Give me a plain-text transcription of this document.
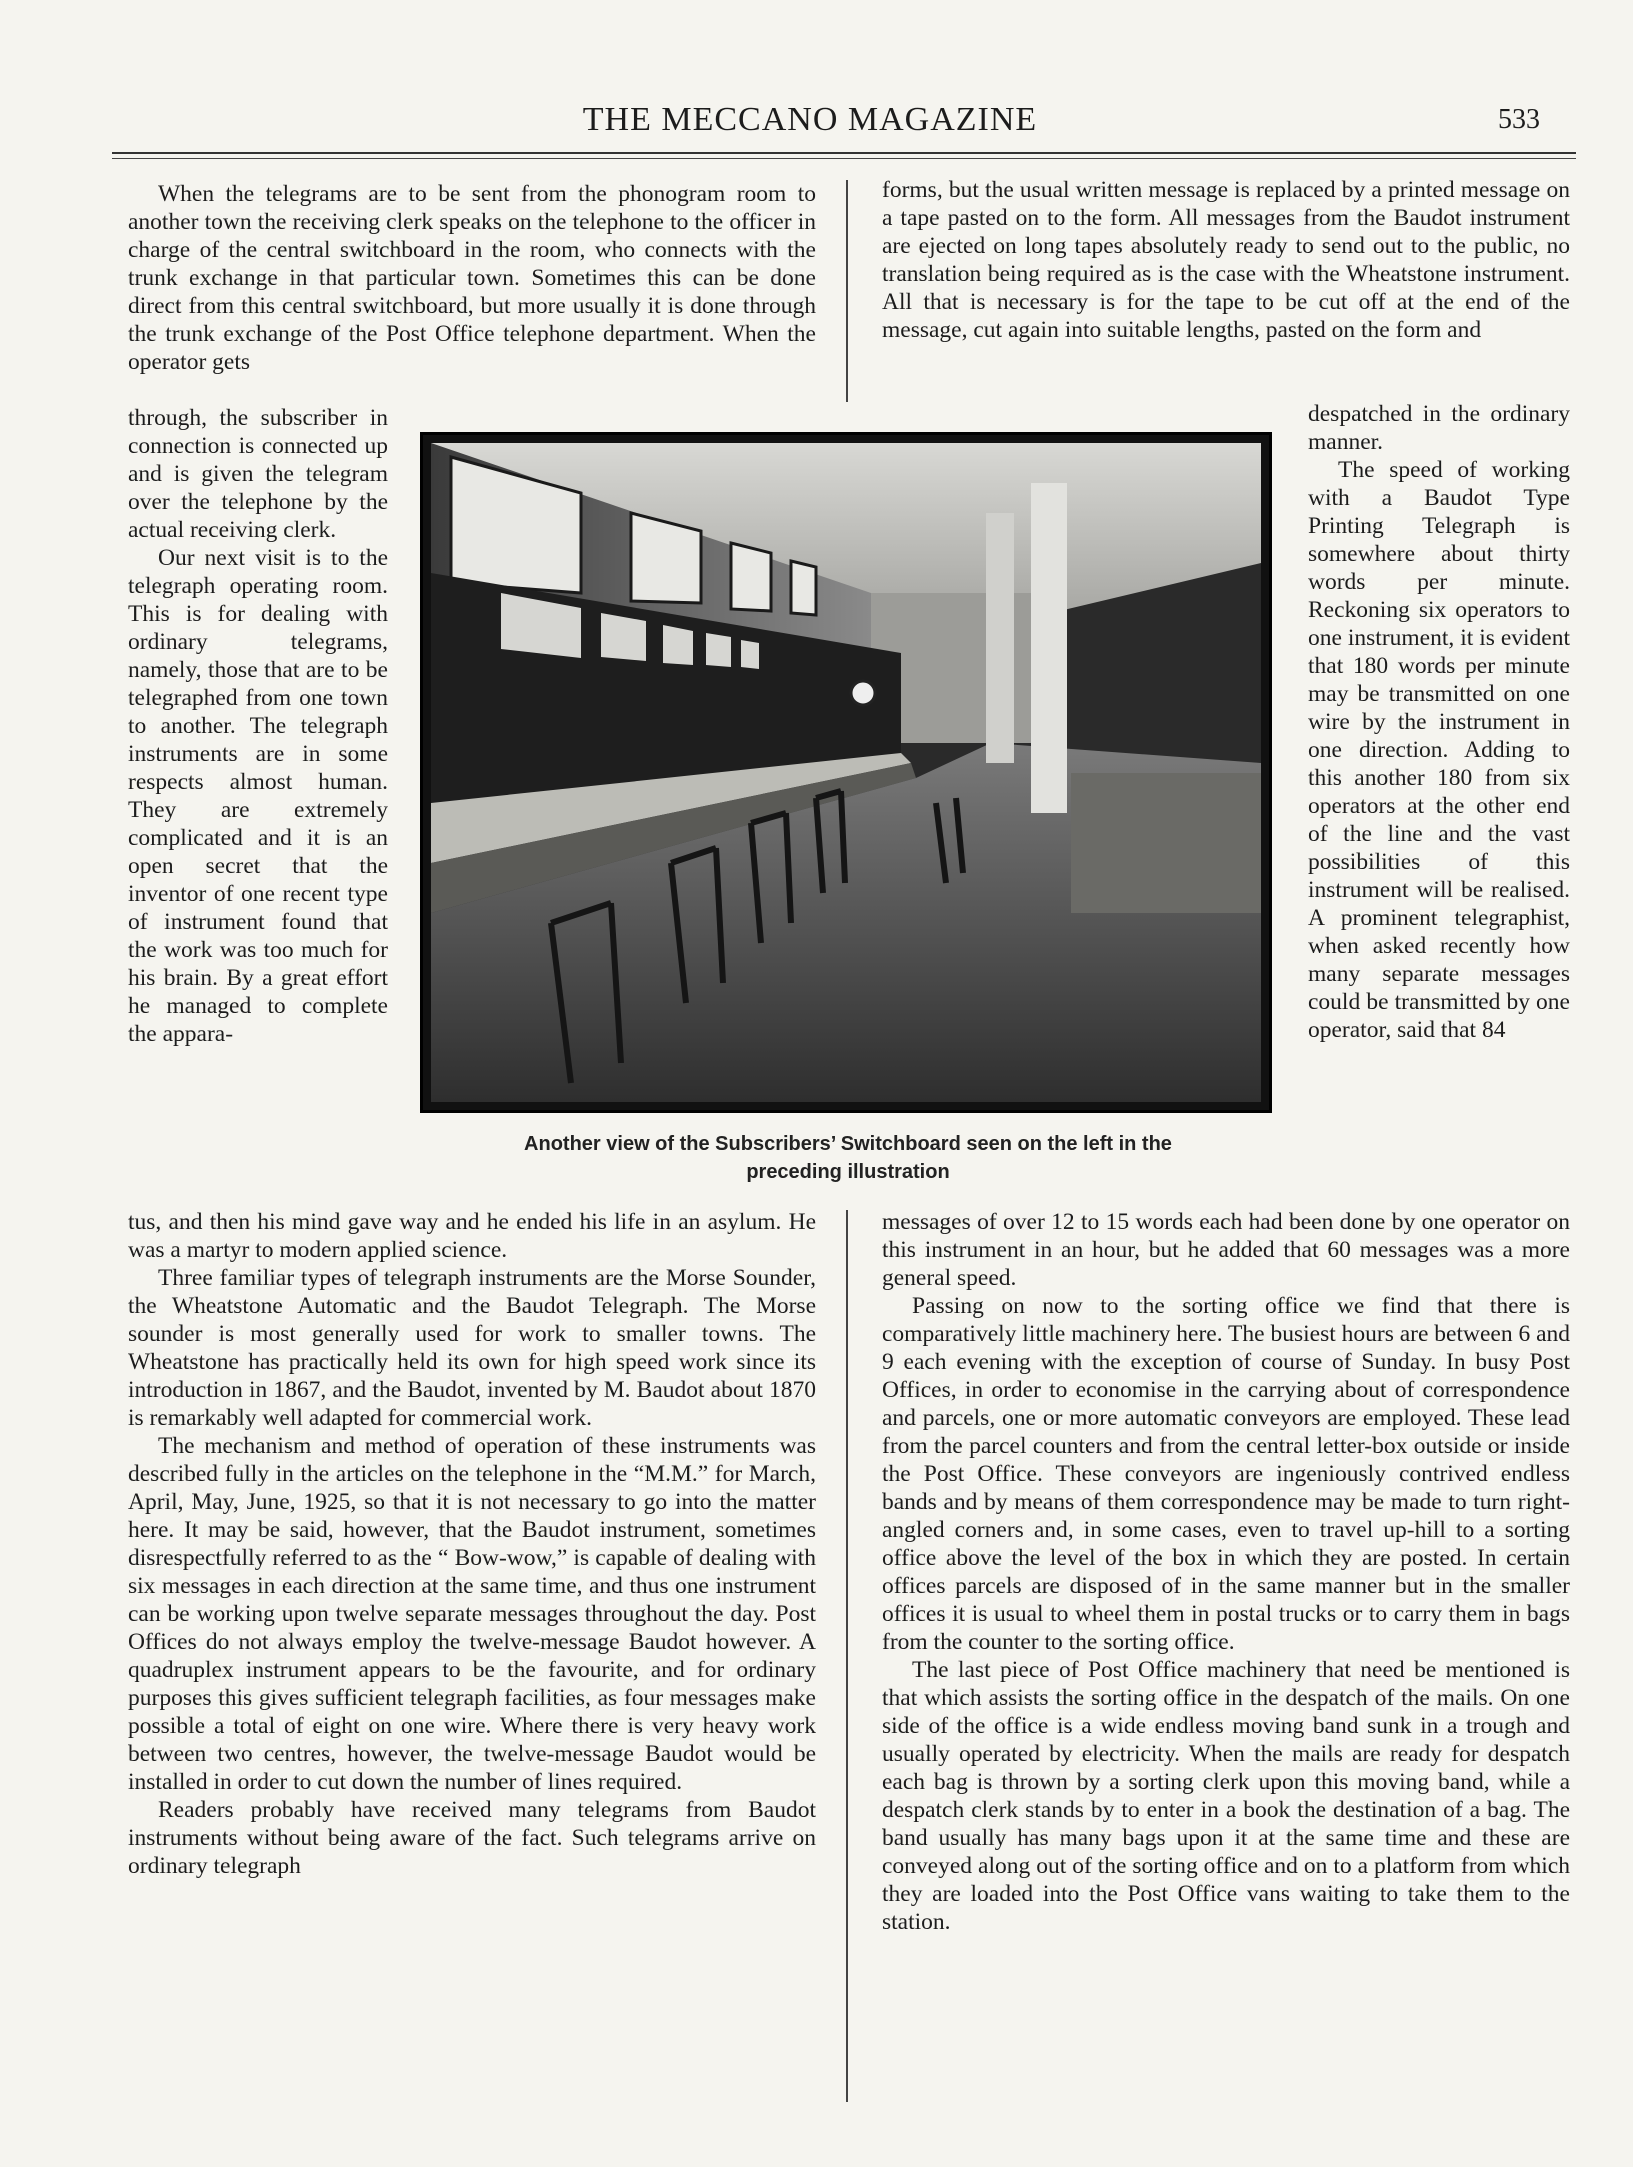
THE MECCANO MAGAZINE	533

When the telegrams are to be sent from the phonogram room to another town the receiving clerk speaks on the telephone to the officer in charge of the central switchboard in the room, who connects with the trunk exchange in that particular town. Sometimes this can be done direct from this central switchboard, but more usually it is done through the trunk exchange of the Post Office telephone department. When the operator gets

through, the subscriber in connection is connected up and is given the telegram over the telephone by the actual receiving clerk.

Our next visit is to the telegraph operating room. This is for dealing with ordinary telegrams, namely, those that are to be telegraphed from one town to another. The telegraph instruments are in some respects almost human. They are extremely complicated and it is an open secret that the inventor of one recent type of instrument found that the work was too much for his brain. By a great effort he managed to complete the appara-

tus, and then his mind gave way and he ended his life in an asylum. He was a martyr to modern applied science.

Three familiar types of telegraph instruments are the Morse Sounder, the Wheatstone Automatic and the Baudot Telegraph. The Morse sounder is most generally used for work to smaller towns. The Wheatstone has practically held its own for high speed work since its introduction in 1867, and the Baudot, invented by M. Baudot about 1870 is remarkably well adapted for commercial work.

The mechanism and method of operation of these instruments was described fully in the articles on the telephone in the “M.M.” for March, April, May, June, 1925, so that it is not necessary to go into the matter here. It may be said, however, that the Baudot instrument, sometimes disrespectfully referred to as the “ Bow-wow,” is capable of dealing with six messages in each direction at the same time, and thus one instrument can be working upon twelve separate messages throughout the day. Post Offices do not always employ the twelve-message Baudot however. A quadruplex instrument appears to be the favourite, and for ordinary purposes this gives sufficient telegraph facilities, as four messages make possible a total of eight on one wire. Where there is very heavy work between two centres, however, the twelve-message Baudot would be installed in order to cut down the number of lines required.

Readers probably have received many telegrams from Baudot instruments without being aware of the fact. Such telegrams arrive on ordinary telegraph

forms, but the usual written message is replaced by a printed message on a tape pasted on to the form. All messages from the Baudot instrument are ejected on long tapes absolutely ready to send out to the public, no translation being required as is the case with the Wheatstone instrument. All that is necessary is for the tape to be cut off at the end of the message, cut again into suitable lengths, pasted on the form and

despatched in the ordinary manner.

The speed of working with a Baudot Type Printing Telegraph is somewhere about thirty words per minute. Reckoning six operators to one instrument, it is evident that 180 words per minute may be transmitted on one wire by the instrument in one direction. Adding to this another 180 from six operators at the other end of the line and the vast possibilities of this instrument will be realised. A prominent telegraphist, when asked recently how many separate messages could be transmitted by one operator, said that 84

messages of over 12 to 15 words each had been done by one operator on this instrument in an hour, but he added that 60 messages was a more general speed.

Passing on now to the sorting office we find that there is comparatively little machinery here. The busiest hours are between 6 and 9 each evening with the exception of course of Sunday. In busy Post Offices, in order to economise in the carrying about of correspondence and parcels, one or more automatic conveyors are employed. These lead from the parcel counters and from the central letter-box outside or inside the Post Office. These conveyors are ingeniously contrived endless bands and by means of them correspondence may be made to turn right-angled corners and, in some cases, even to travel up-hill to a sorting office above the level of the box in which they are posted. In certain offices parcels are disposed of in the same manner but in the smaller offices it is usual to wheel them in postal trucks or to carry them in bags from the counter to the sorting office.

The last piece of Post Office machinery that need be mentioned is that which assists the sorting office in the despatch of the mails. On one side of the office is a wide endless moving band sunk in a trough and usually operated by electricity. When the mails are ready for despatch each bag is thrown by a sorting clerk upon this moving band, while a despatch clerk stands by to enter in a book the destination of a bag. The band usually has many bags upon it at the same time and these are conveyed along out of the sorting office and on to a platform from which they are loaded into the Post Office vans waiting to take them to the station.

Another view of the Subscribers’ Switchboard seen on the left in the
preceding illustration
